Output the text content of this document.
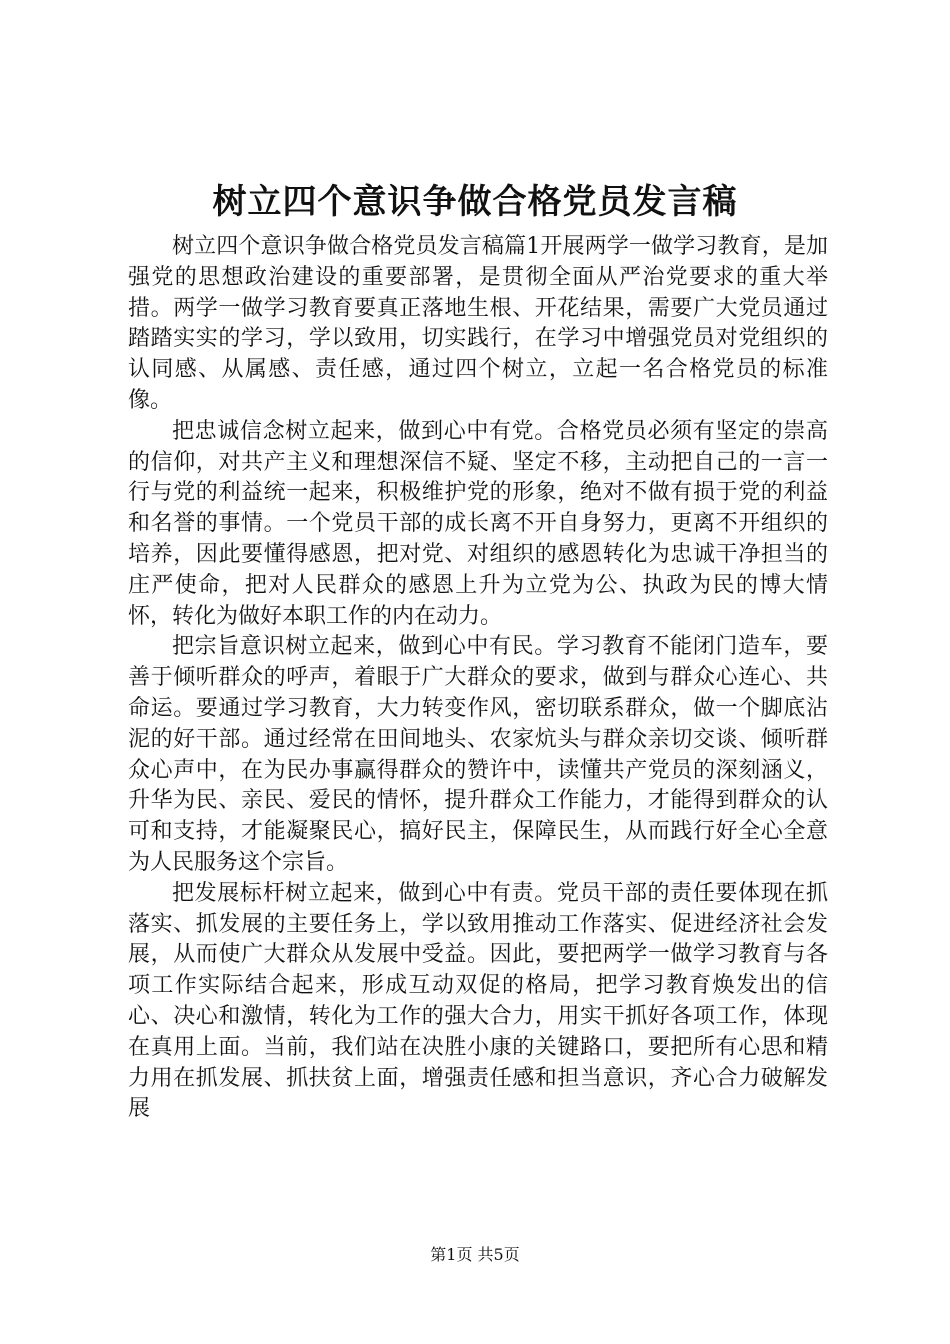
树立四个意识争做合格党员发言稿

树立四个意识争做合格党员发言稿篇1开展两学一做学习教育，是加强党的思想政治建设的重要部署，是贯彻全面从严治党要求的重大举措。两学一做学习教育要真正落地生根、开花结果，需要广大党员通过踏踏实实的学习，学以致用，切实践行，在学习中增强党员对党组织的认同感、从属感、责任感，通过四个树立，立起一名合格党员的标准像。

把忠诚信念树立起来，做到心中有党。合格党员必须有坚定的崇高的信仰，对共产主义和理想深信不疑、坚定不移，主动把自己的一言一行与党的利益统一起来，积极维护党的形象，绝对不做有损于党的利益和名誉的事情。一个党员干部的成长离不开自身努力，更离不开组织的培养，因此要懂得感恩，把对党、对组织的感恩转化为忠诚干净担当的庄严使命，把对人民群众的感恩上升为立党为公、执政为民的博大情怀，转化为做好本职工作的内在动力。

把宗旨意识树立起来，做到心中有民。学习教育不能闭门造车，要善于倾听群众的呼声，着眼于广大群众的要求，做到与群众心连心、共命运。要通过学习教育，大力转变作风，密切联系群众，做一个脚底沾泥的好干部。通过经常在田间地头、农家炕头与群众亲切交谈、倾听群众心声中，在为民办事赢得群众的赞许中，读懂共产党员的深刻涵义，升华为民、亲民、爱民的情怀，提升群众工作能力，才能得到群众的认可和支持，才能凝聚民心，搞好民主，保障民生，从而践行好全心全意为人民服务这个宗旨。

把发展标杆树立起来，做到心中有责。党员干部的责任要体现在抓落实、抓发展的主要任务上，学以致用推动工作落实、促进经济社会发展，从而使广大群众从发展中受益。因此，要把两学一做学习教育与各项工作实际结合起来，形成互动双促的格局，把学习教育焕发出的信心、决心和激情，转化为工作的强大合力，用实干抓好各项工作，体现在真用上面。当前，我们站在决胜小康的关键路口，要把所有心思和精力用在抓发展、抓扶贫上面，增强责任感和担当意识，齐心合力破解发展

第1页 共5页
